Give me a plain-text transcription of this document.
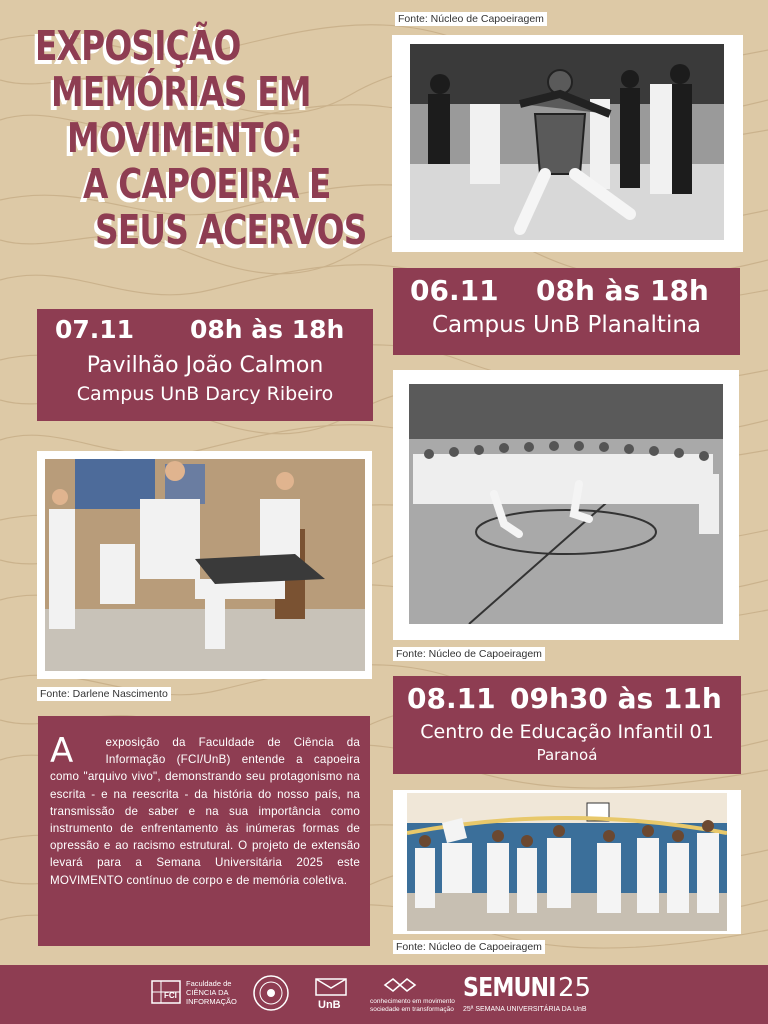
EXPOSIÇÃO
MEMÓRIAS EM
MOVIMENTO:
A CAPOEIRA E
SEUS ACERVOS
Fonte: Núcleo de Capoeiragem
06.11 08h às 18h
Campus UnB Planaltina
07.11 08h às 18h
Pavilhão João Calmon
Campus UnB Darcy Ribeiro
Fonte: Darlene Nascimento
Fonte: Núcleo de Capoeiragem
08.11 09h30 às 11h
Centro de Educação Infantil 01
Paranoá
A	exposição da Faculdade de Ciência da Informação (FCI/UnB) entende a capoeira como "arquivo vivo", demonstrando seu protagonismo na escrita - e na reescrita - da história do nosso país, na transmissão de saber e na sua importância como instrumento de enfrentamento às inúmeras formas de opressão e ao racismo estrutural. O projeto de extensão levará para a Semana Universitária 2025 este MOVIMENTO contínuo de corpo e de memória coletiva.
Fonte: Núcleo de Capoeiragem
FCI
Faculdade de
CIÊNCIA DA
INFORMAÇÃO	UnB	conhecimento em movimento
sociedade em transformação
SEMUNI 25
25ª SEMANA UNIVERSITÁRIA DA UnB
